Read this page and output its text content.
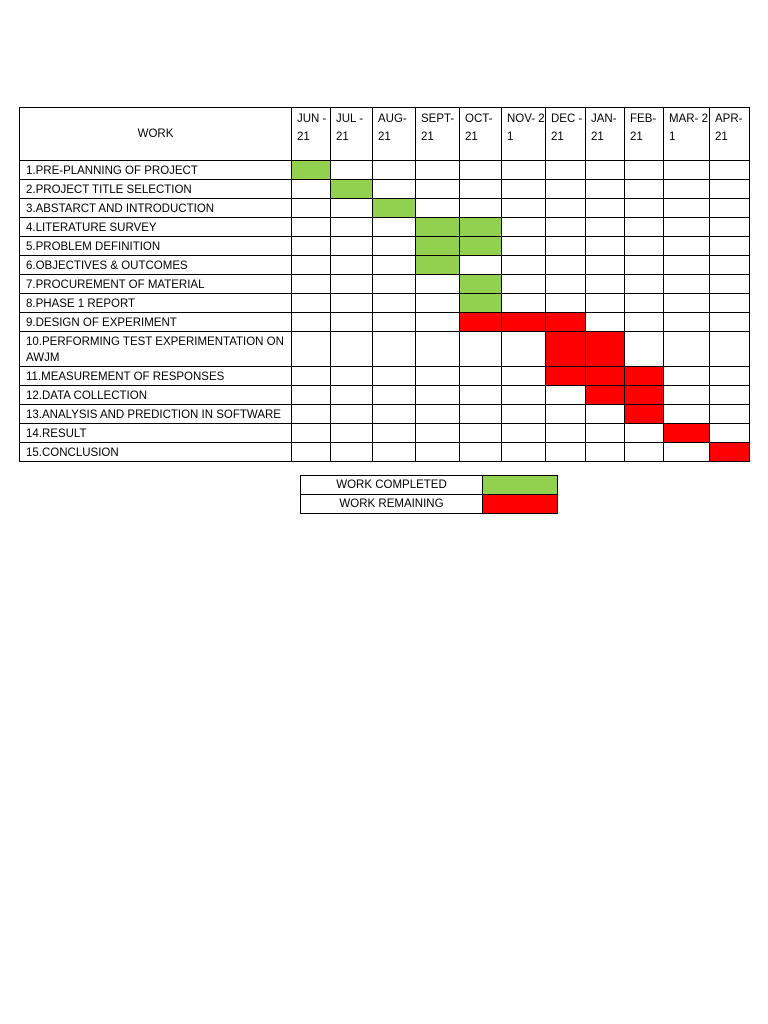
WORK	JUN -21	JUL - 21	AUG- 21	SEPT- 21	OCT- 21	NOV- 21	DEC - 21	JAN- 21	FEB- 21	MAR- 21	APR- 21
1.PRE-PLANNING OF PROJECT											
2.PROJECT TITLE SELECTION											
3.ABSTARCT AND INTRODUCTION											
4.LITERATURE SURVEY											
5.PROBLEM DEFINITION											
6.OBJECTIVES & OUTCOMES											
7.PROCUREMENT OF MATERIAL											
8.PHASE 1 REPORT											
9.DESIGN OF EXPERIMENT											
10.PERFORMING TEST EXPERIMENTATION ON AWJM											
11.MEASUREMENT OF RESPONSES											
12.DATA COLLECTION											
13.ANALYSIS AND PREDICTION IN SOFTWARE											
14.RESULT											
15.CONCLUSION											
WORK COMPLETED	
WORK REMAINING	
